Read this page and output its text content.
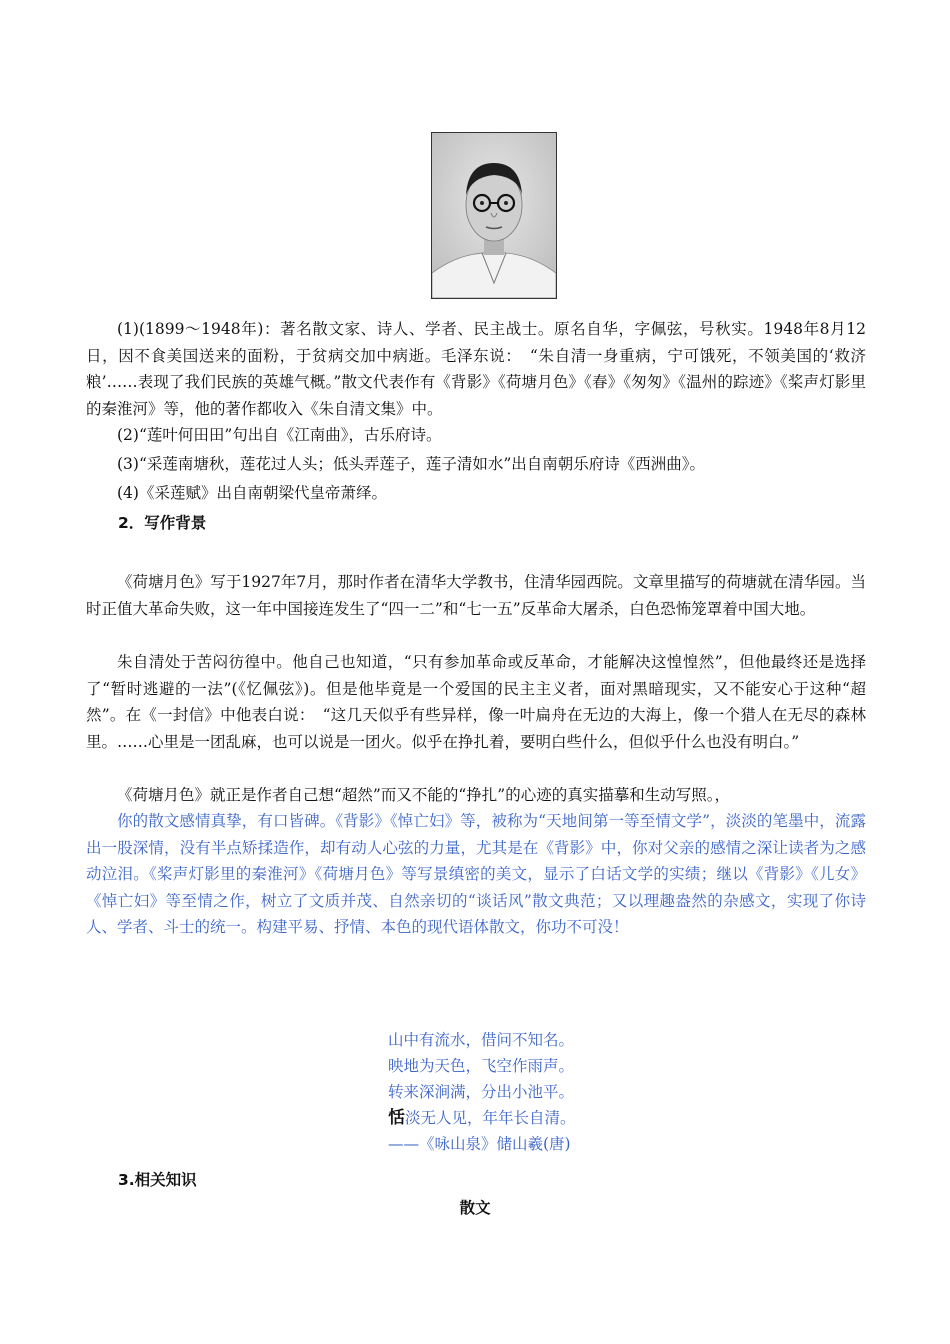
(1)(1899～1948年)：著名散文家、诗人、学者、民主战士。原名自华，字佩弦，号秋实。1948年8月12日，因不食美国送来的面粉，于贫病交加中病逝。毛泽东说：　“朱自清一身重病，宁可饿死，不领美国的‘救济粮’……表现了我们民族的英雄气概。”散文代表作有《背影》《荷塘月色》《春》《匆匆》《温州的踪迹》《桨声灯影里的秦淮河》等，他的著作都收入《朱自清文集》中。

(2)“莲叶何田田”句出自《江南曲》，古乐府诗。

(3)“采莲南塘秋，莲花过人头；低头弄莲子，莲子清如水”出自南朝乐府诗《西洲曲》。

(4)《采莲赋》出自南朝梁代皇帝萧绎。

2．写作背景

《荷塘月色》写于1927年7月，那时作者在清华大学教书，住清华园西院。文章里描写的荷塘就在清华园。当时正值大革命失败，这一年中国接连发生了“四一二”和“七一五”反革命大屠杀，白色恐怖笼罩着中国大地。

朱自清处于苦闷彷徨中。他自己也知道，“只有参加革命或反革命，才能解决这惶惶然”，但他最终还是选择了“暂时逃避的一法”(《忆佩弦》)。但是他毕竟是一个爱国的民主主义者，面对黑暗现实，又不能安心于这种“超然”。在《一封信》中他表白说：　“这几天似乎有些异样，像一叶扁舟在无边的大海上，像一个猎人在无尽的森林里。……心里是一团乱麻，也可以说是一团火。似乎在挣扎着，要明白些什么，但似乎什么也没有明白。”

《荷塘月色》就正是作者自己想“超然”而又不能的“挣扎”的心迹的真实描摹和生动写照。，

你的散文感情真挚，有口皆碑。《背影》《悼亡妇》等，被称为“天地间第一等至情文学”，淡淡的笔墨中，流露出一股深情，没有半点矫揉造作，却有动人心弦的力量，尤其是在《背影》中，你对父亲的感情之深让读者为之感动泣泪。《桨声灯影里的秦淮河》《荷塘月色》等写景缜密的美文，显示了白话文学的实绩；继以《背影》《儿女》《悼亡妇》等至情之作，树立了文质并茂、自然亲切的“谈话风”散文典范；又以理趣盎然的杂感文，实现了你诗人、学者、斗士的统一。构建平易、抒情、本色的现代语体散文，你功不可没！

山中有流水，借问不知名。
映地为天色，飞空作雨声。
转来深涧满，分出小池平。
恬淡无人见，年年长自清。
——《咏山泉》储山羲(唐)

3.相关知识

散文
